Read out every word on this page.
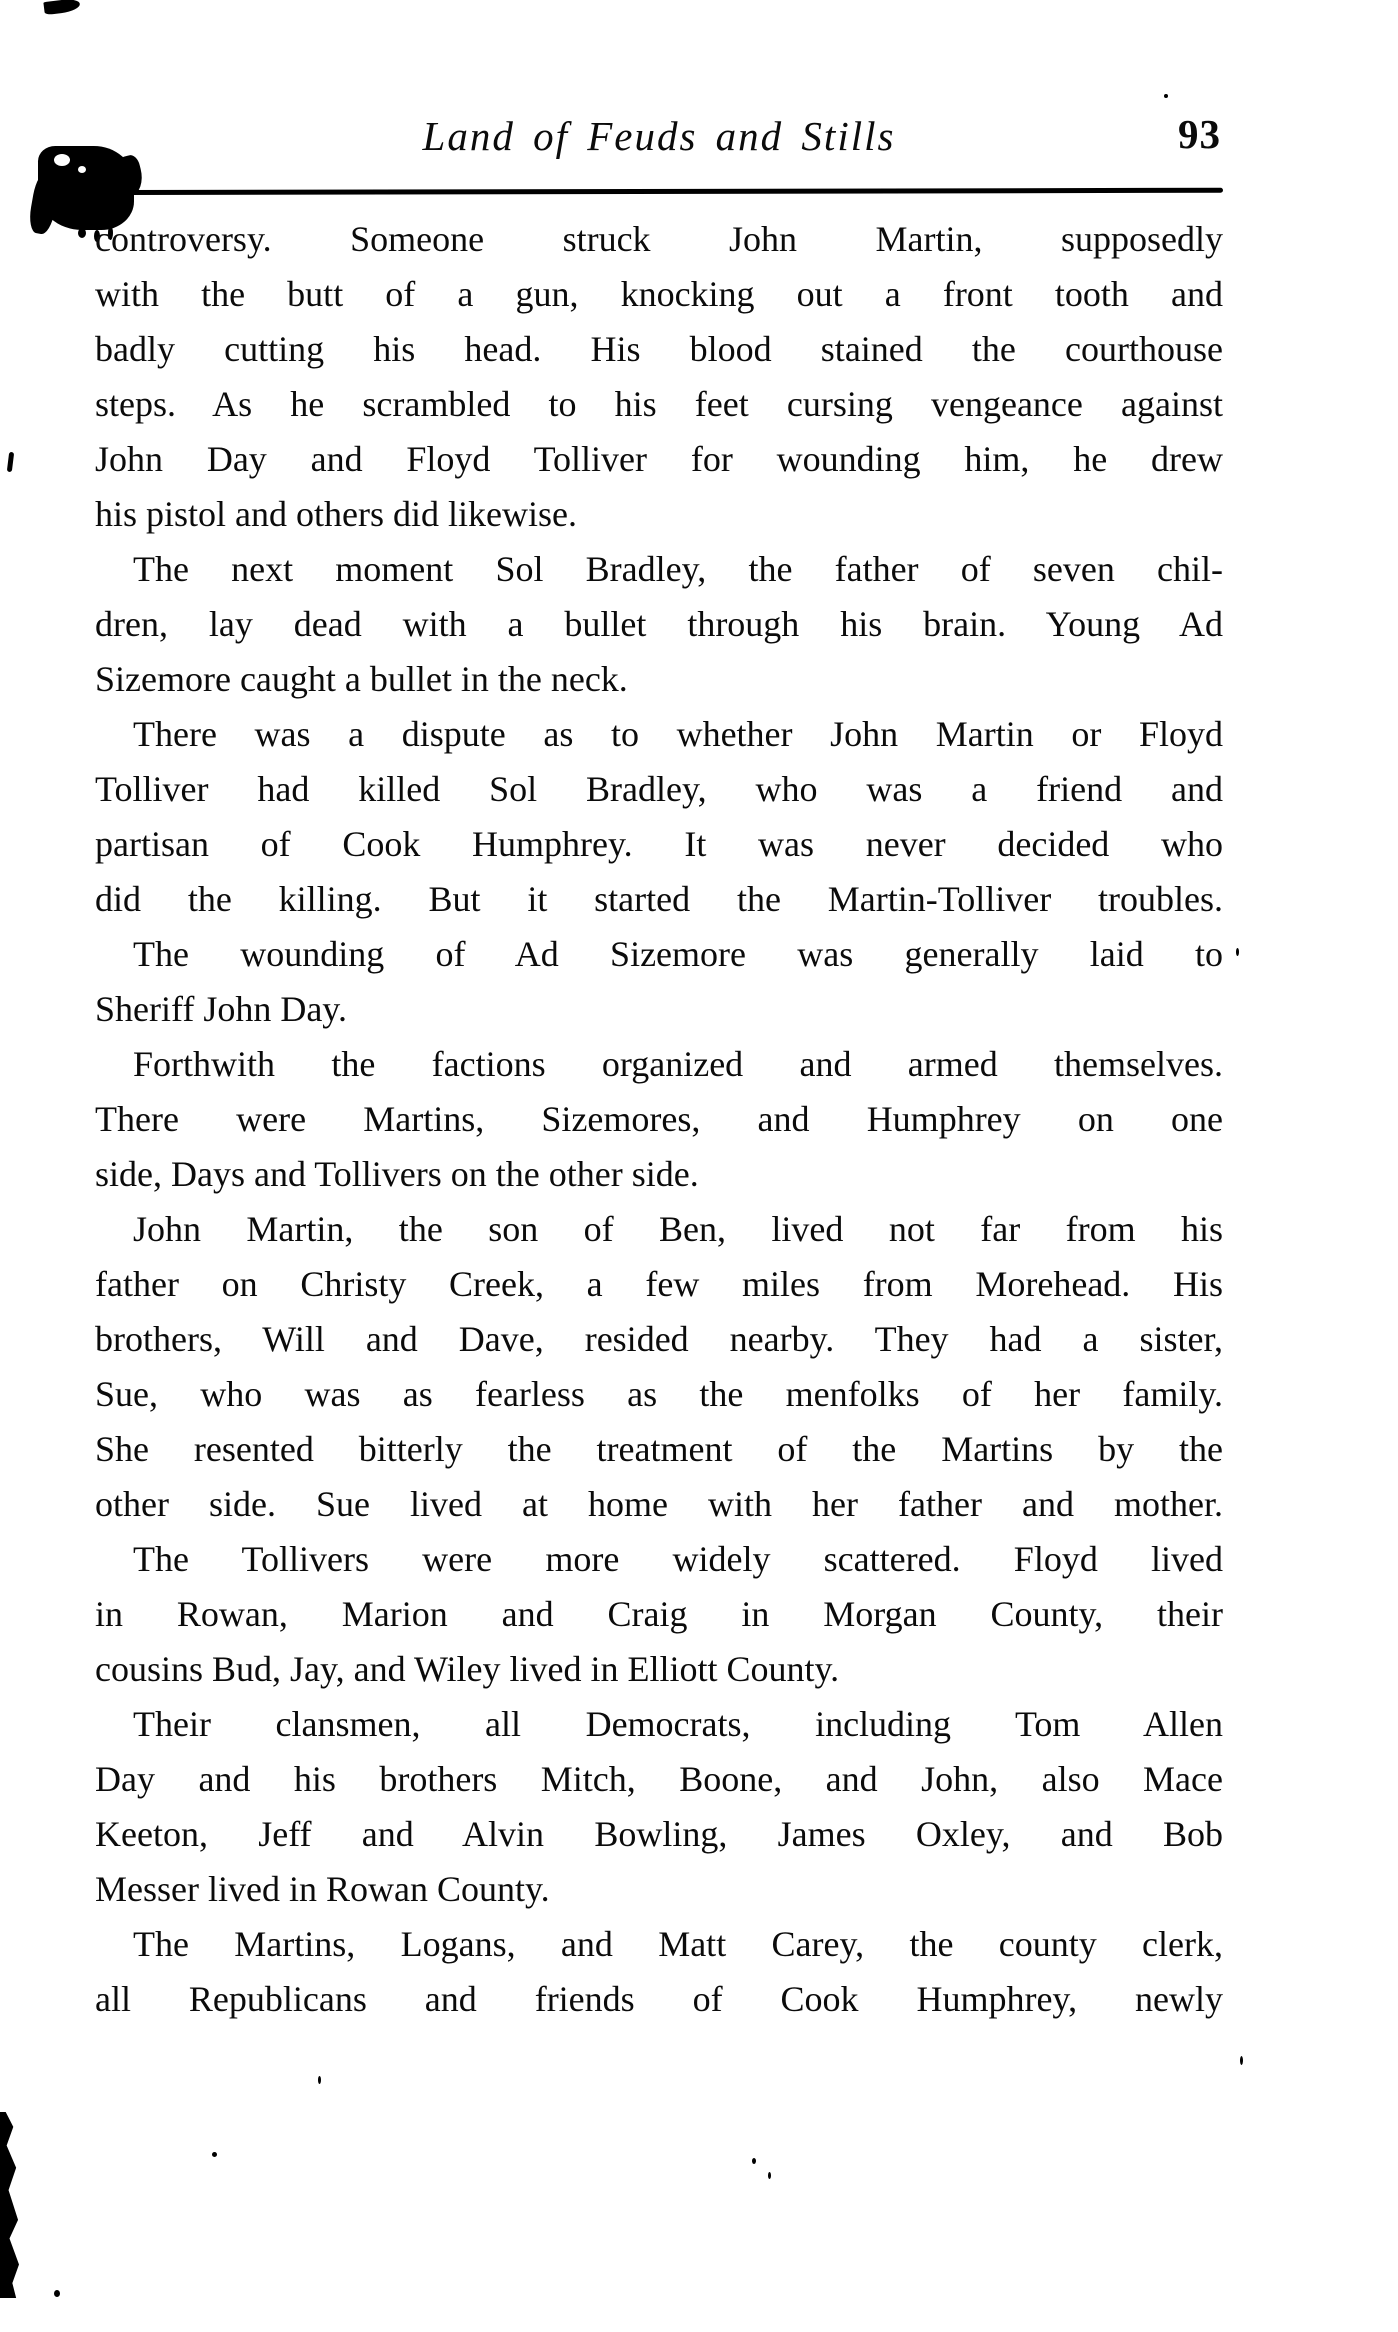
Land of Feuds and Stills	93
controversy. Someone struck John Martin, supposedly
with the butt of a gun, knocking out a front tooth and
badly cutting his head. His blood stained the courthouse
steps. As he scrambled to his feet cursing vengeance against
John Day and Floyd Tolliver for wounding him, he drew
his pistol and others did likewise.
The next moment Sol Bradley, the father of seven chil-
dren, lay dead with a bullet through his brain. Young Ad
Sizemore caught a bullet in the neck.
There was a dispute as to whether John Martin or Floyd
Tolliver had killed Sol Bradley, who was a friend and
partisan of Cook Humphrey. It was never decided who
did the killing. But it started the Martin-Tolliver troubles.
The wounding of Ad Sizemore was generally laid to
Sheriff John Day.
Forthwith the factions organized and armed themselves.
There were Martins, Sizemores, and Humphrey on one
side, Days and Tollivers on the other side.
John Martin, the son of Ben, lived not far from his
father on Christy Creek, a few miles from Morehead. His
brothers, Will and Dave, resided nearby. They had a sister,
Sue, who was as fearless as the menfolks of her family.
She resented bitterly the treatment of the Martins by the
other side. Sue lived at home with her father and mother.
The Tollivers were more widely scattered. Floyd lived
in Rowan, Marion and Craig in Morgan County, their
cousins Bud, Jay, and Wiley lived in Elliott County.
Their clansmen, all Democrats, including Tom Allen
Day and his brothers Mitch, Boone, and John, also Mace
Keeton, Jeff and Alvin Bowling, James Oxley, and Bob
Messer lived in Rowan County.
The Martins, Logans, and Matt Carey, the county clerk,
all Republicans and friends of Cook Humphrey, newly
